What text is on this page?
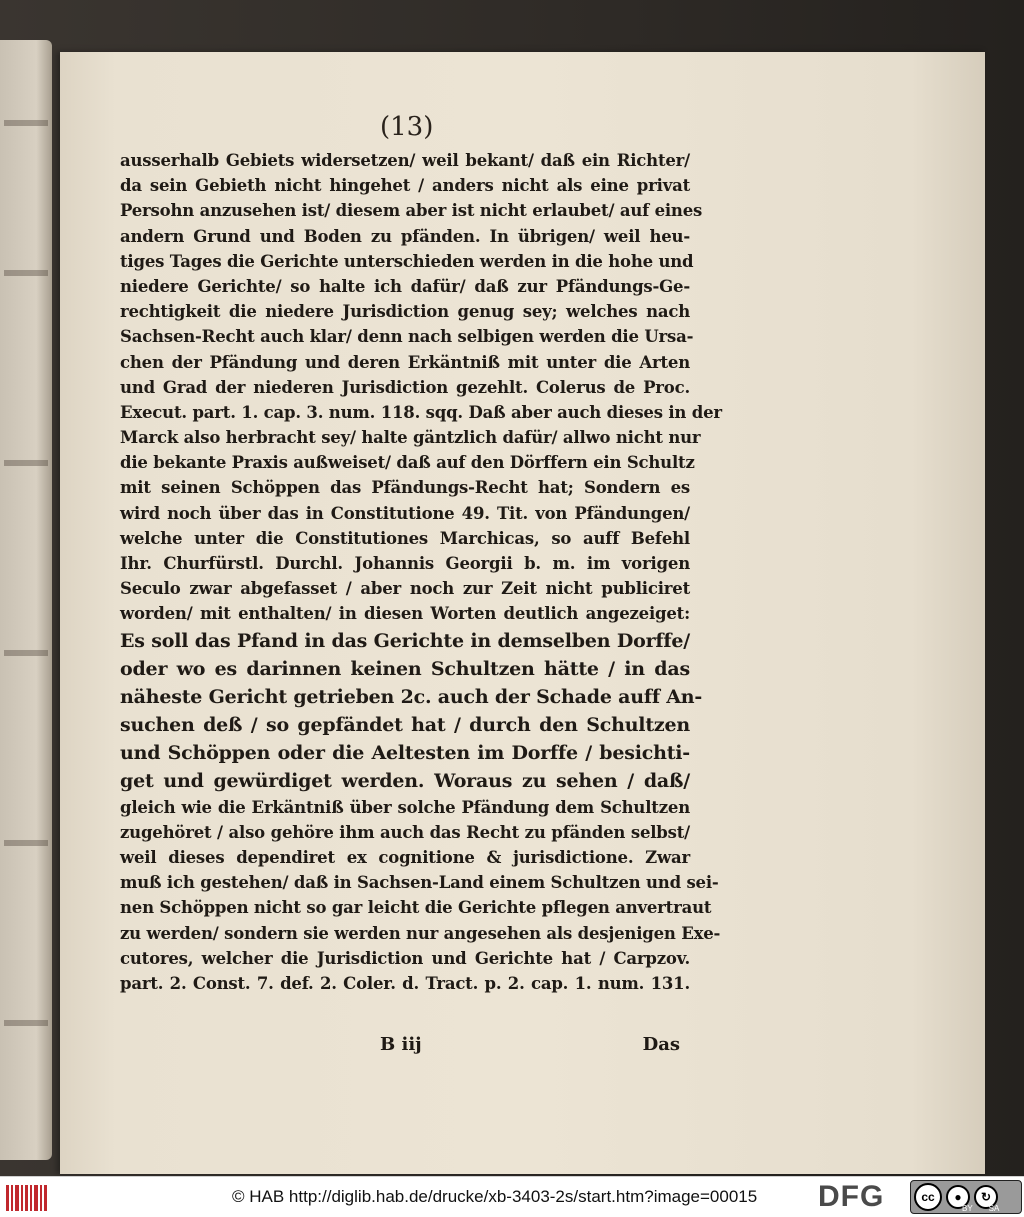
(13)
ausserhalb Gebiets widersetzen/ weil bekant/ daß ein Richter/
da sein Gebieth nicht hingehet / anders nicht als eine privat
Persohn anzusehen ist/ diesem aber ist nicht erlaubet/ auf eines
andern Grund und Boden zu pfänden. In übrigen/ weil heu-
tiges Tages die Gerichte unterschieden werden in die hohe und
niedere Gerichte/ so halte ich dafür/ daß zur Pfändungs-Ge-
rechtigkeit die niedere Jurisdiction genug sey; welches nach
Sachsen-Recht auch klar/ denn nach selbigen werden die Ursa-
chen der Pfändung und deren Erkäntniß mit unter die Arten
und Grad der niederen Jurisdiction gezehlt. Colerus de Proc.
Execut. part. 1. cap. 3. num. 118. sqq. Daß aber auch dieses in der
Marck also herbracht sey/ halte gäntzlich dafür/ allwo nicht nur
die bekante Praxis außweiset/ daß auf den Dörffern ein Schultz
mit seinen Schöppen das Pfändungs-Recht hat; Sondern es
wird noch über das in Constitutione 49. Tit. von Pfändungen/
welche unter die Constitutiones Marchicas, so auff Befehl
Ihr. Churfürstl. Durchl. Johannis Georgii b. m. im vorigen
Seculo zwar abgefasset / aber noch zur Zeit nicht publiciret
worden/ mit enthalten/ in diesen Worten deutlich angezeiget:
Es soll das Pfand in das Gerichte in demselben Dorffe/
oder wo es darinnen keinen Schultzen hätte / in das
näheste Gericht getrieben 2c. auch der Schade auff An-
suchen deß / so gepfändet hat / durch den Schultzen
und Schöppen oder die Aeltesten im Dorffe / besichti-
get und gewürdiget werden. Woraus zu sehen / daß/
gleich wie die Erkäntniß über solche Pfändung dem Schultzen
zugehöret / also gehöre ihm auch das Recht zu pfänden selbst/
weil dieses dependiret ex cognitione & jurisdictione. Zwar
muß ich gestehen/ daß in Sachsen-Land einem Schultzen und sei-
nen Schöppen nicht so gar leicht die Gerichte pflegen anvertraut
zu werden/ sondern sie werden nur angesehen als desjenigen Exe-
cutores, welcher die Jurisdiction und Gerichte hat / Carpzov.
part. 2. Const. 7. def. 2. Coler. d. Tract. p. 2. cap. 1. num. 131.
B iij	Das
© HAB http://diglib.hab.de/drucke/xb-3403-2s/start.htm?image=00015 DFG	cc	●	↻
BY SA
